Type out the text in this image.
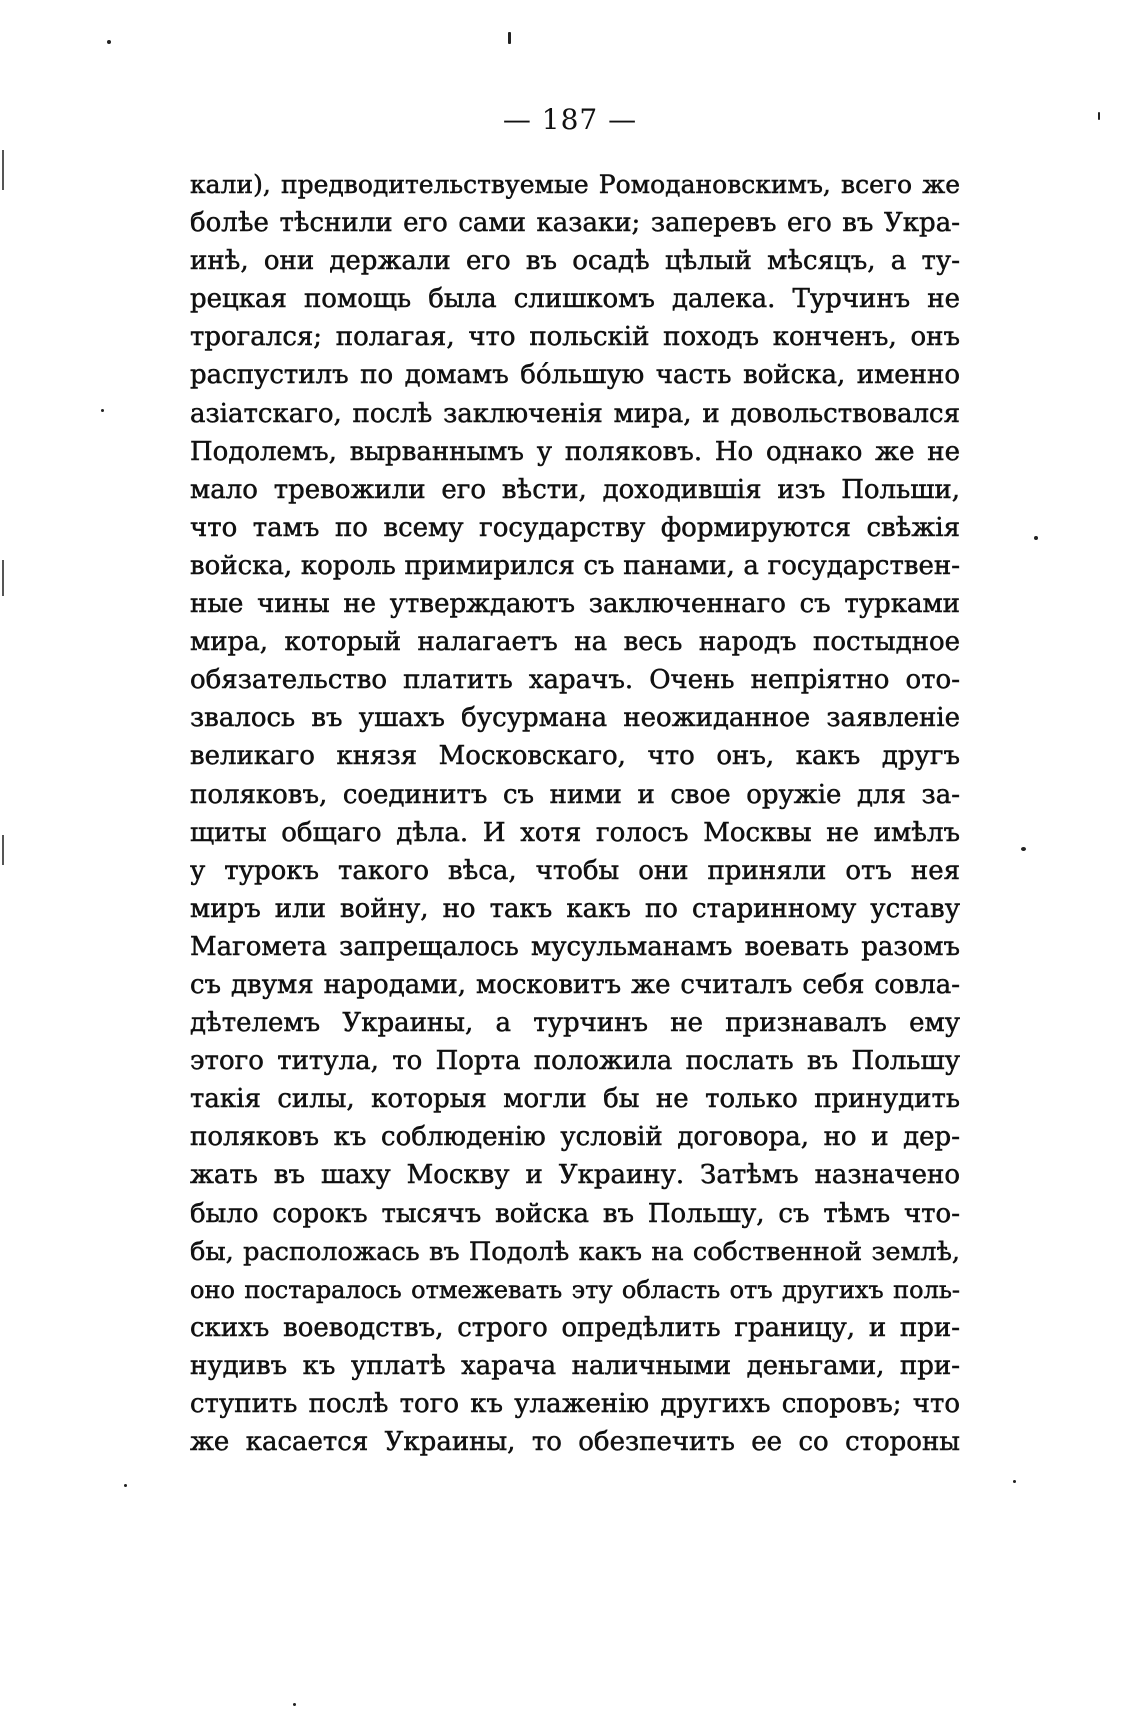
— 187 —
кали), предводительствуемые Ромодановскимъ, всего же
болѣе тѣснили его сами казаки; заперевъ его въ Укра-
инѣ, они держали его въ осадѣ цѣлый мѣсяцъ, а ту-
рецкая помощь была слишкомъ далека. Турчинъ не
трогался; полагая, что польскій походъ конченъ, онъ
распустилъ по домамъ бо́льшую часть войска, именно
азіатскаго, послѣ заключенія мира, и довольствовался
Подолемъ, вырваннымъ у поляковъ. Но однако же не
мало тревожили его вѣсти, доходившія изъ Польши,
что тамъ по всему государству формируются свѣжія
войска, король примирился съ панами, а государствен-
ные чины не утверждаютъ заключеннаго съ турками
мира, который налагаетъ на весь народъ постыдное
обязательство платить харачъ. Очень непріятно ото-
звалось въ ушахъ бусурмана неожиданное заявленіе
великаго князя Московскаго, что онъ, какъ другъ
поляковъ, соединитъ съ ними и свое оружіе для за-
щиты общаго дѣла. И хотя голосъ Москвы не имѣлъ
у турокъ такого вѣса, чтобы они приняли отъ нея
миръ или войну, но такъ какъ по старинному уставу
Магомета запрещалось мусульманамъ воевать разомъ
съ двумя народами, московитъ же считалъ себя совла-
дѣтелемъ Украины, а турчинъ не признавалъ ему
этого титула, то Порта положила послать въ Польшу
такія силы, которыя могли бы не только принудить
поляковъ къ соблюденію условій договора, но и дер-
жать въ шаху Москву и Украину. Затѣмъ назначено
было сорокъ тысячъ войска въ Польшу, съ тѣмъ что-
бы, расположась въ Подолѣ какъ на собственной землѣ,
оно постаралось отмежевать эту область отъ другихъ поль-
скихъ воеводствъ, строго опредѣлить границу, и при-
нудивъ къ уплатѣ харача наличными деньгами, при-
ступить послѣ того къ улаженію другихъ споровъ; что
же касается Украины, то обезпечить ее со стороны
